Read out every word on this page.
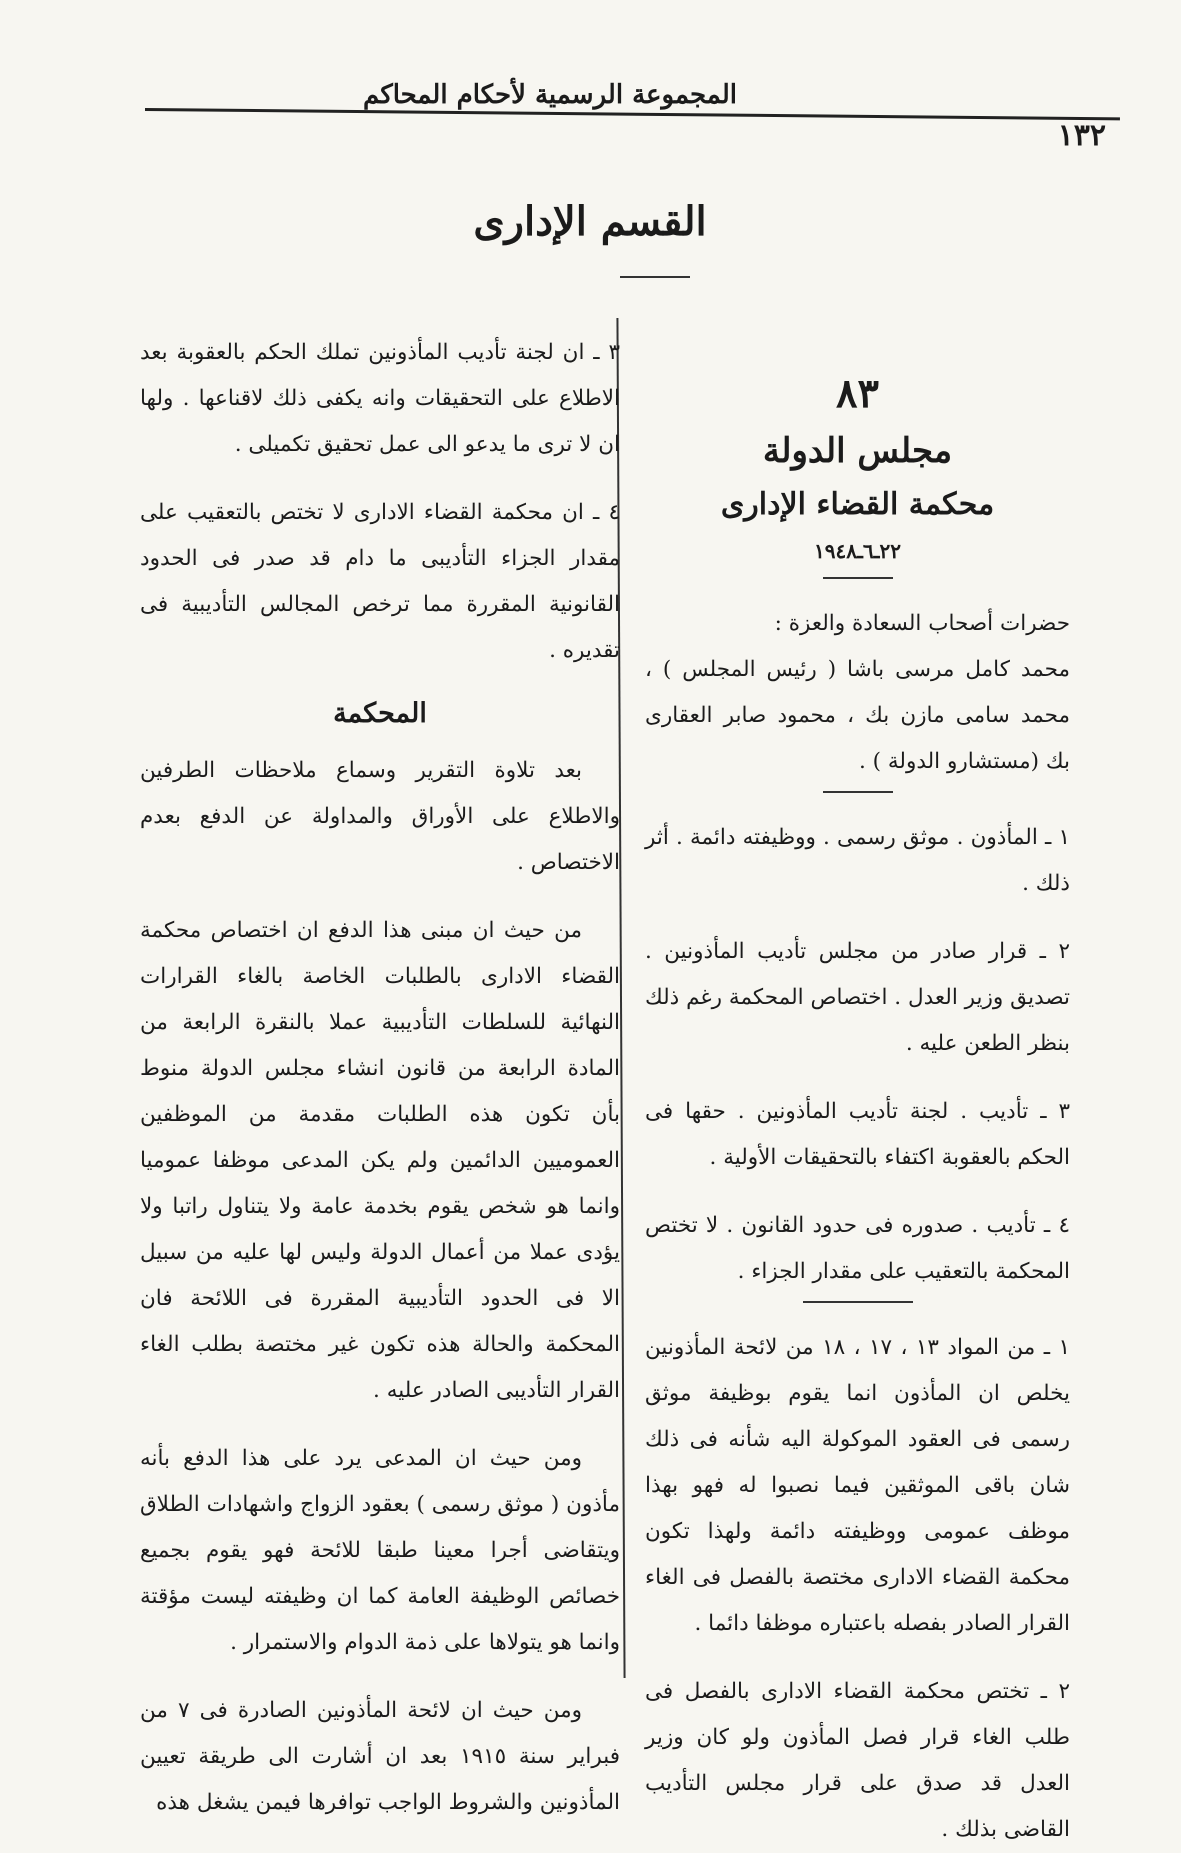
المجموعة الرسمية لأحكام المحاكم
١٣٢
القسم الإدارى
٨٣
مجلس الدولة
محكمة القضاء الإدارى
٢٢ـ٦ـ١٩٤٨

حضرات أصحاب السعادة والعزة :

محمد كامل مرسى باشا ( رئيس المجلس ) ، محمد سامى مازن بك ، محمود صابر العقارى بك (مستشارو الدولة ) .

١ ـ المأذون . موثق رسمى . ووظيفته دائمة . أثر ذلك .

٢ ـ قرار صادر من مجلس تأديب المأذونين . تصديق وزير العدل . اختصاص المحكمة رغم ذلك بنظر الطعن عليه .

٣ ـ تأديب . لجنة تأديب المأذونين . حقها فى الحكم بالعقوبة اكتفاء بالتحقيقات الأولية .

٤ ـ تأديب . صدوره فى حدود القانون . لا تختص المحكمة بالتعقيب على مقدار الجزاء .

١ ـ من المواد ١٣ ، ١٧ ، ١٨ من لائحة المأذونين يخلص ان المأذون انما يقوم بوظيفة موثق رسمى فى العقود الموكولة اليه شأنه فى ذلك شان باقى الموثقين فيما نصبوا له فهو بهذا موظف عمومى ووظيفته دائمة ولهذا تكون محكمة القضاء الادارى مختصة بالفصل فى الغاء القرار الصادر بفصله باعتباره موظفا دائما .

٢ ـ تختص محكمة القضاء الادارى بالفصل فى طلب الغاء قرار فصل المأذون ولو كان وزير العدل قد صدق على قرار مجلس التأديب القاضى بذلك .

٣ ـ ان لجنة تأديب المأذونين تملك الحكم بالعقوبة بعد الاطلاع على التحقيقات وانه يكفى ذلك لاقناعها . ولها ان لا ترى ما يدعو الى عمل تحقيق تكميلى .

٤ ـ ان محكمة القضاء الادارى لا تختص بالتعقيب على مقدار الجزاء التأديبى ما دام قد صدر فى الحدود القانونية المقررة مما ترخص المجالس التأديبية فى تقديره .

المحكمة

بعد تلاوة التقرير وسماع ملاحظات الطرفين والاطلاع على الأوراق والمداولة عن الدفع بعدم الاختصاص .

من حيث ان مبنى هذا الدفع ان اختصاص محكمة القضاء الادارى بالطلبات الخاصة بالغاء القرارات النهائية للسلطات التأديبية عملا بالنقرة الرابعة من المادة الرابعة من قانون انشاء مجلس الدولة منوط بأن تكون هذه الطلبات مقدمة من الموظفين العموميين الدائمين ولم يكن المدعى موظفا عموميا وانما هو شخص يقوم بخدمة عامة ولا يتناول راتبا ولا يؤدى عملا من أعمال الدولة وليس لها عليه من سبيل الا فى الحدود التأديبية المقررة فى اللائحة فان المحكمة والحالة هذه تكون غير مختصة بطلب الغاء القرار التأديبى الصادر عليه .

ومن حيث ان المدعى يرد على هذا الدفع بأنه مأذون ( موثق رسمى ) بعقود الزواج واشهادات الطلاق ويتقاضى أجرا معينا طبقا للائحة فهو يقوم بجميع خصائص الوظيفة العامة كما ان وظيفته ليست مؤقتة وانما هو يتولاها على ذمة الدوام والاستمرار .

ومن حيث ان لائحة المأذونين الصادرة فى ٧ من فبراير سنة ١٩١٥ بعد ان أشارت الى طريقة تعيين المأذونين والشروط الواجب توافرها فيمن يشغل هذه
